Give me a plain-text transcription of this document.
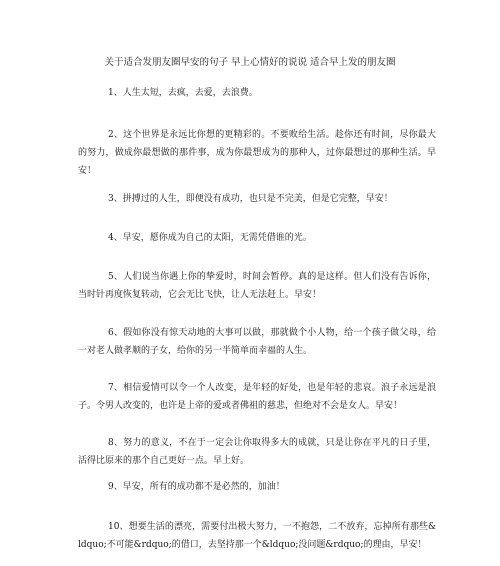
关于适合发朋友圈早安的句子 早上心情好的说说 适合早上发的朋友圈

1、人生太短，去疯，去爱，去浪费。

2、这个世界是永远比你想的更精彩的。不要败给生活。趁你还有时间，尽你最大的努力，做成你最想做的那件事，成为你最想成为的那种人，过你最想过的那种生活。早安！

3、拼搏过的人生，即便没有成功，也只是不完美，但是它完整，早安！

4、早安，愿你成为自己的太阳，无需凭借谁的光。

5、人们说当你遇上你的挚爱时，时间会暂停。真的是这样。但人们没有告诉你，当时针再度恢复转动，它会无比飞快，让人无法赶上。早安！

6、假如你没有惊天动地的大事可以做，那就做个小人物，给一个孩子做父母，给一对老人做孝顺的子女，给你的另一半简单而幸福的人生。

7、相信爱情可以令一个人改变，是年轻的好处，也是年轻的悲哀。浪子永远是浪子。令男人改变的，也许是上帝的爱或者佛祖的慈悲，但绝对不会是女人。早安！

8、努力的意义，不在于一定会让你取得多大的成就，只是让你在平凡的日子里，活得比原来的那个自己更好一点。早上好。

9、早安，所有的成功都不是必然的，加油！

10、想要生活的漂亮，需要付出极大努力，一不抱怨，二不放弃，忘掉所有那些&ldquo;不可能&rdquo;的借口，去坚持那一个&ldquo;没问题&rdquo;的理由，早安！
